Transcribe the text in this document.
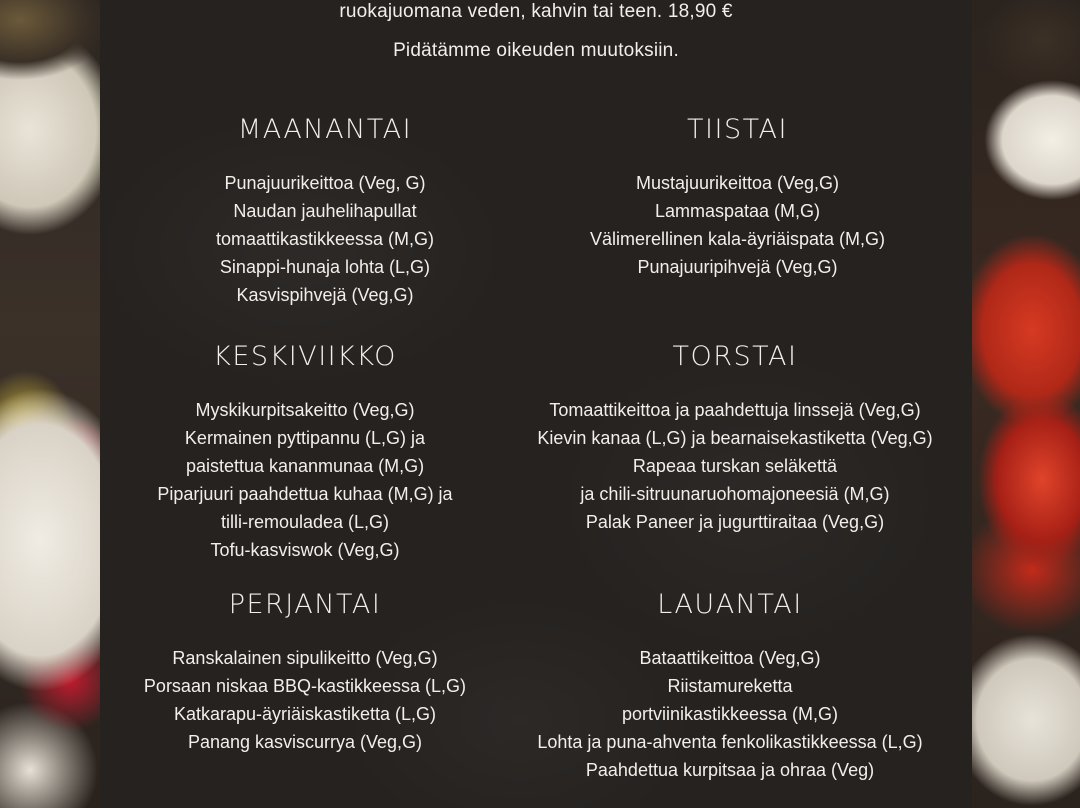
ruokajuomana veden, kahvin tai teen. 18,90 €
Pidätämme oikeuden muutoksiin.
MAANANTAI
Punajuurikeittoa (Veg, G)
Naudan jauhelihapullat
tomaattikastikkeessa (M,G)
Sinappi-hunaja lohta (L,G)
Kasvispihvejä (Veg,G)
TIISTAI
Mustajuurikeittoa (Veg,G)
Lammaspataa (M,G)
Välimerellinen kala-äyriäispata (M,G)
Punajuuripihvejä (Veg,G)
KESKIVIIKKO
Myskikurpitsakeitto (Veg,G)
Kermainen pyttipannu (L,G) ja
paistettua kananmunaa (M,G)
Piparjuuri paahdettua kuhaa (M,G) ja
tilli-remouladea (L,G)
Tofu-kasviswok (Veg,G)
TORSTAI
Tomaattikeittoa ja paahdettuja linssejä (Veg,G)
Kievin kanaa (L,G) ja bearnaisekastiketta (Veg,G)
Rapeaa turskan seläkettä
ja chili-sitruunaruohomajoneesiä (M,G)
Palak Paneer ja jugurttiraitaa (Veg,G)
PERJANTAI
Ranskalainen sipulikeitto (Veg,G)
Porsaan niskaa BBQ-kastikkeessa (L,G)
Katkarapu-äyriäiskastiketta (L,G)
Panang kasviscurrya (Veg,G)
LAUANTAI
Bataattikeittoa (Veg,G)
Riistamureketta
portviinikastikkeessa (M,G)
Lohta ja puna-ahventa fenkolikastikkeessa (L,G)
Paahdettua kurpitsaa ja ohraa (Veg)
